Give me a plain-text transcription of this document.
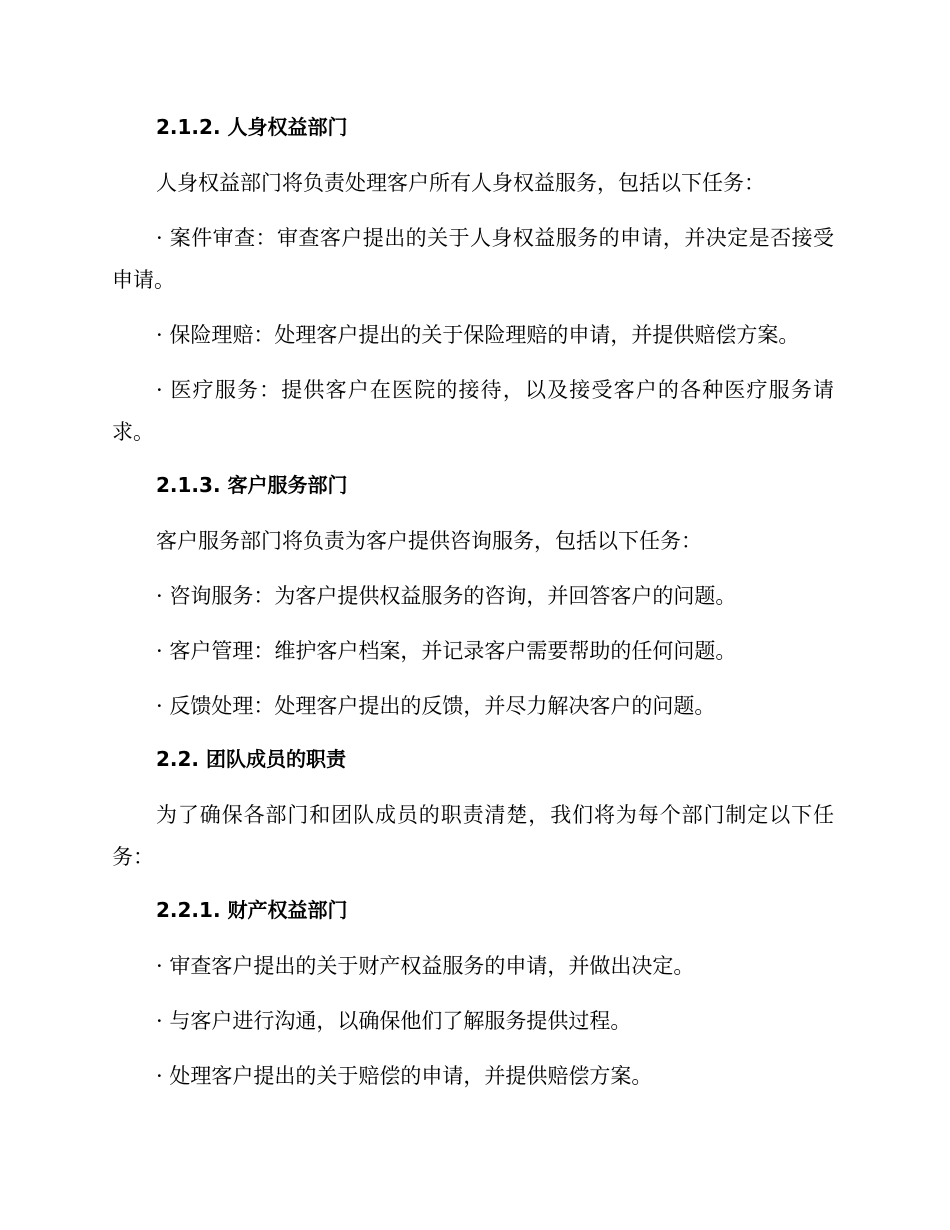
2.1.2. 人身权益部门

人身权益部门将负责处理客户所有人身权益服务，包括以下任务：

· 案件审查：审查客户提出的关于人身权益服务的申请，并决定是否接受申请。

· 保险理赔：处理客户提出的关于保险理赔的申请，并提供赔偿方案。

· 医疗服务：提供客户在医院的接待，以及接受客户的各种医疗服务请求。

2.1.3. 客户服务部门

客户服务部门将负责为客户提供咨询服务，包括以下任务：

· 咨询服务：为客户提供权益服务的咨询，并回答客户的问题。

· 客户管理：维护客户档案，并记录客户需要帮助的任何问题。

· 反馈处理：处理客户提出的反馈，并尽力解决客户的问题。

2.2. 团队成员的职责

为了确保各部门和团队成员的职责清楚，我们将为每个部门制定以下任务：

2.2.1. 财产权益部门

· 审查客户提出的关于财产权益服务的申请，并做出决定。

· 与客户进行沟通，以确保他们了解服务提供过程。

· 处理客户提出的关于赔偿的申请，并提供赔偿方案。
